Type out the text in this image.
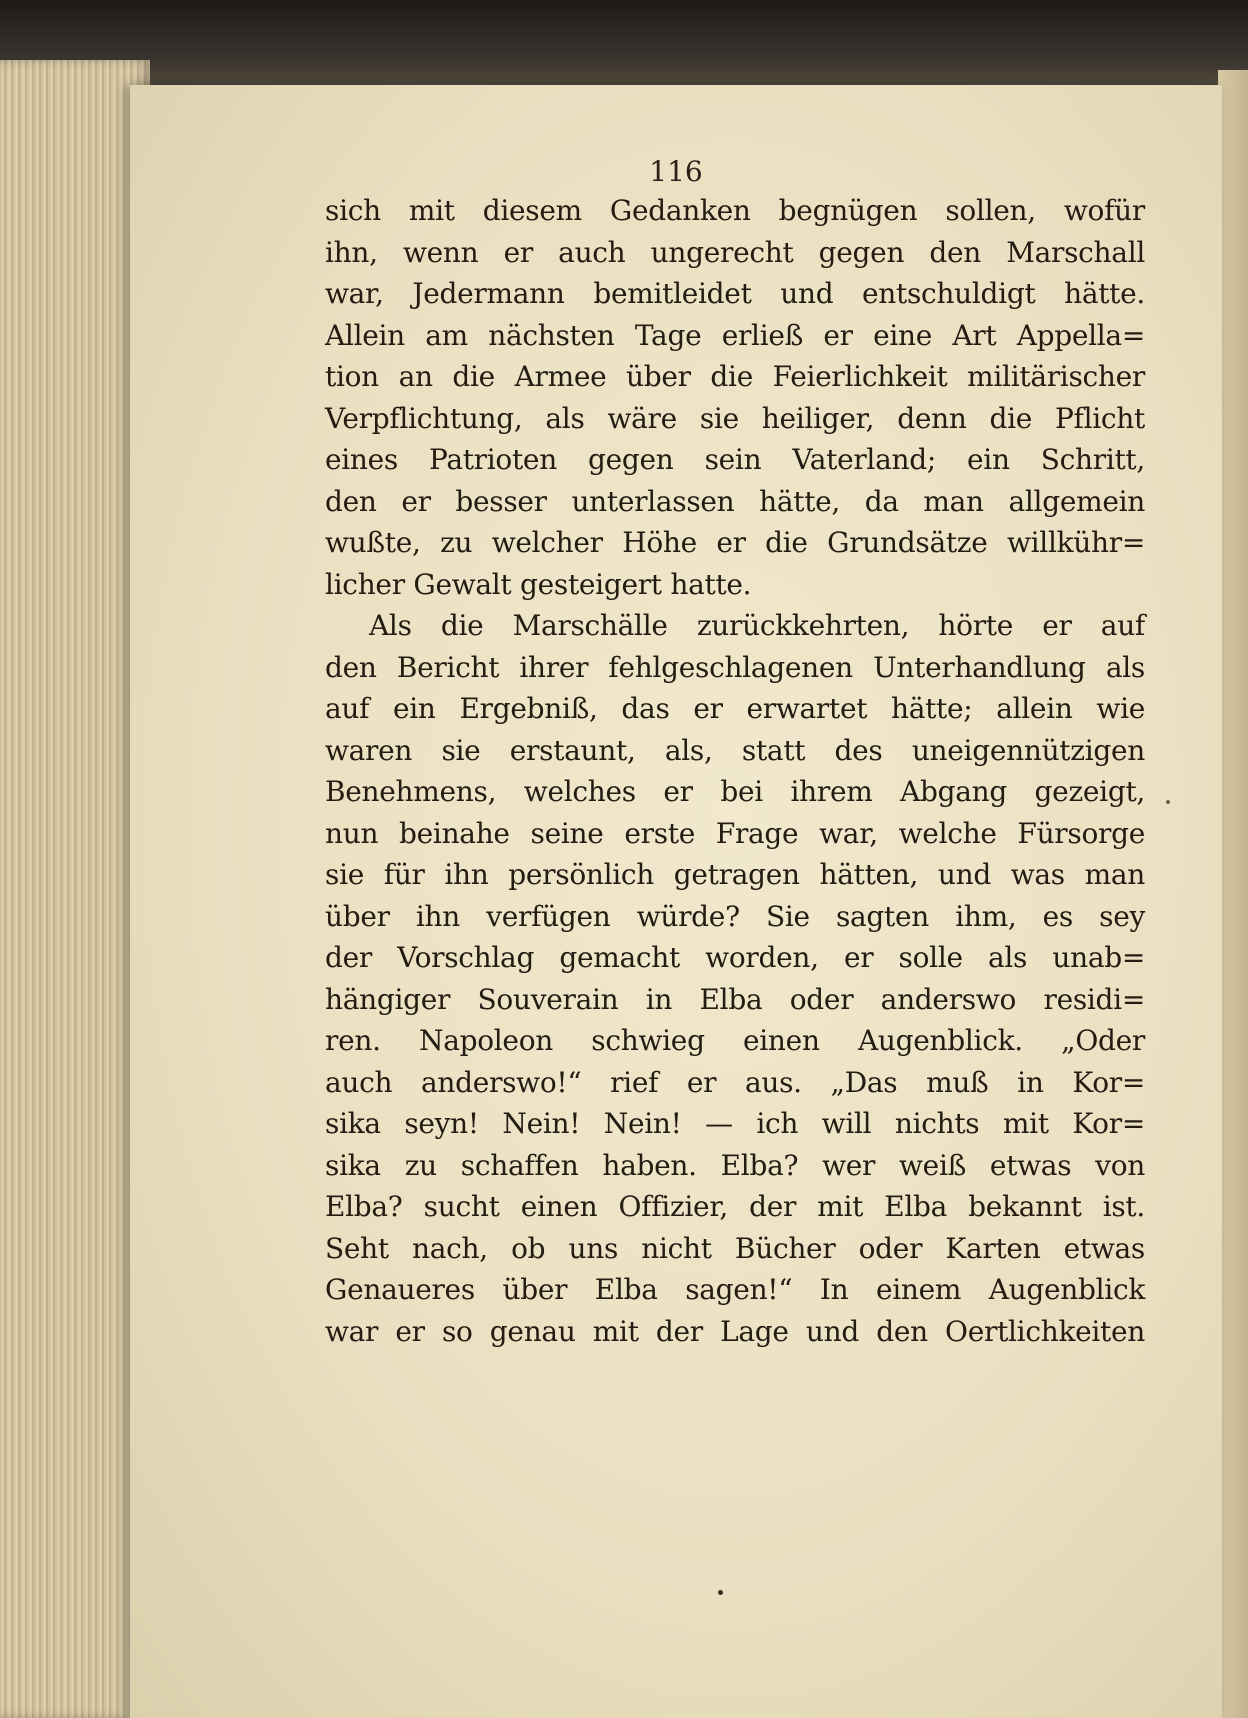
116
sich mit diesem Gedanken begnügen sollen, wofür
ihn, wenn er auch ungerecht gegen den Marschall
war, Jedermann bemitleidet und entschuldigt hätte.
Allein am nächsten Tage erließ er eine Art Appella=
tion an die Armee über die Feierlichkeit militärischer
Verpflichtung, als wäre sie heiliger, denn die Pflicht
eines Patrioten gegen sein Vaterland; ein Schritt,
den er besser unterlassen hätte, da man allgemein
wußte, zu welcher Höhe er die Grundsätze willkühr=
licher Gewalt gesteigert hatte.
Als die Marschälle zurückkehrten, hörte er auf
den Bericht ihrer fehlgeschlagenen Unterhandlung als
auf ein Ergebniß, das er erwartet hätte; allein wie
waren sie erstaunt, als, statt des uneigennützigen
Benehmens, welches er bei ihrem Abgang gezeigt,
nun beinahe seine erste Frage war, welche Fürsorge
sie für ihn persönlich getragen hätten, und was man
über ihn verfügen würde? Sie sagten ihm, es sey
der Vorschlag gemacht worden, er solle als unab=
hängiger Souverain in Elba oder anderswo residi=
ren. Napoleon schwieg einen Augenblick. „Oder
auch anderswo!“ rief er aus. „Das muß in Kor=
sika seyn! Nein! Nein! — ich will nichts mit Kor=
sika zu schaffen haben. Elba? wer weiß etwas von
Elba? sucht einen Offizier, der mit Elba bekannt ist.
Seht nach, ob uns nicht Bücher oder Karten etwas
Genaueres über Elba sagen!“ In einem Augenblick
war er so genau mit der Lage und den Oertlichkeiten
